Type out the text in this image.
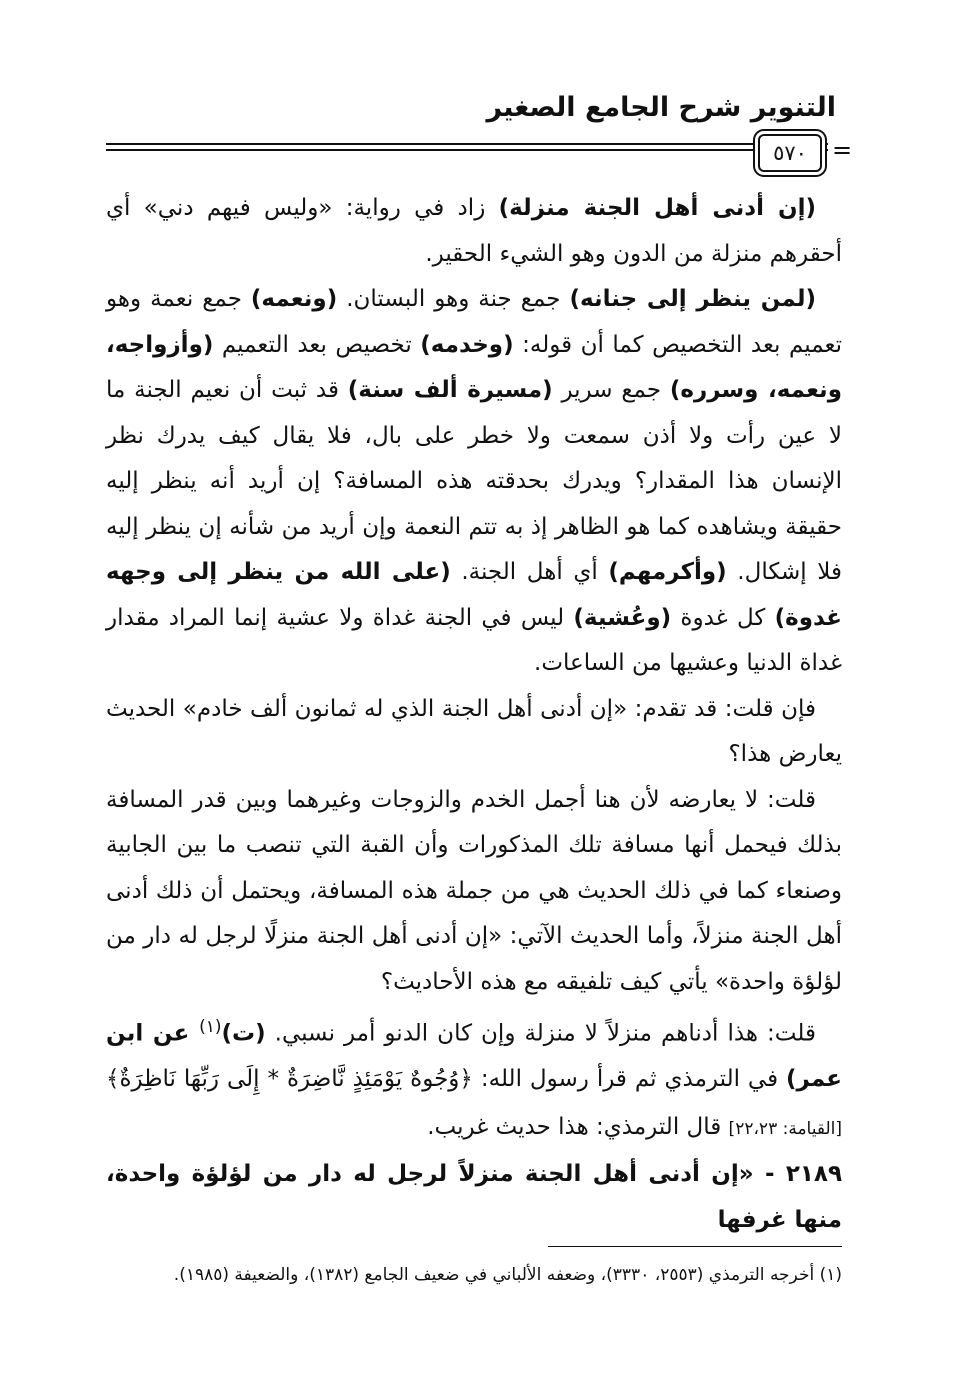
التنوير شرح الجامع الصغير
٥٧٠	=

(إن أدنى أهل الجنة منزلة) زاد في رواية: «وليس فيهم دني» أي أحقرهم منزلة من الدون وهو الشيء الحقير.

(لمن ينظر إلى جنانه) جمع جنة وهو البستان. (ونعمه) جمع نعمة وهو تعميم بعد التخصيص كما أن قوله: (وخدمه) تخصيص بعد التعميم (وأزواجه، ونعمه، وسرره) جمع سرير (مسيرة ألف سنة) قد ثبت أن نعيم الجنة ما لا عين رأت ولا أذن سمعت ولا خطر على بال، فلا يقال كيف يدرك نظر الإنسان هذا المقدار؟ ويدرك بحدقته هذه المسافة؟ إن أريد أنه ينظر إليه حقيقة ويشاهده كما هو الظاهر إذ به تتم النعمة وإن أريد من شأنه إن ينظر إليه فلا إشكال. (وأكرمهم) أي أهل الجنة. (على الله من ينظر إلى وجهه غدوة) كل غدوة (وعُشية) ليس في الجنة غداة ولا عشية إنما المراد مقدار غداة الدنيا وعشيها من الساعات.

فإن قلت: قد تقدم: «إن أدنى أهل الجنة الذي له ثمانون ألف خادم» الحديث يعارض هذا؟

قلت: لا يعارضه لأن هنا أجمل الخدم والزوجات وغيرهما وبين قدر المسافة بذلك فيحمل أنها مسافة تلك المذكورات وأن القبة التي تنصب ما بين الجابية وصنعاء كما في ذلك الحديث هي من جملة هذه المسافة، ويحتمل أن ذلك أدنى أهل الجنة منزلاً، وأما الحديث الآتي: «إن أدنى أهل الجنة منزلًا لرجل له دار من لؤلؤة واحدة» يأتي كيف تلفيقه مع هذه الأحاديث؟

قلت: هذا أدناهم منزلاً لا منزلة وإن كان الدنو أمر نسبي. (ت)$^{(١)}$ عن ابن عمر) في الترمذي ثم قرأ رسول الله: ﴿وُجُوهٌ يَوْمَئِذٍ نَّاضِرَةٌ * إِلَى رَبِّهَا نَاظِرَةٌ﴾ [القيامة: ٢٢،٢٣] قال الترمذي: هذا حديث غريب.

٢١٨٩ - «إن أدنى أهل الجنة منزلاً لرجل له دار من لؤلؤة واحدة، منها غرفها

(١) أخرجه الترمذي (٢٥٥٣، ٣٣٣٠)، وضعفه الألباني في ضعيف الجامع (١٣٨٢)، والضعيفة (١٩٨٥).
